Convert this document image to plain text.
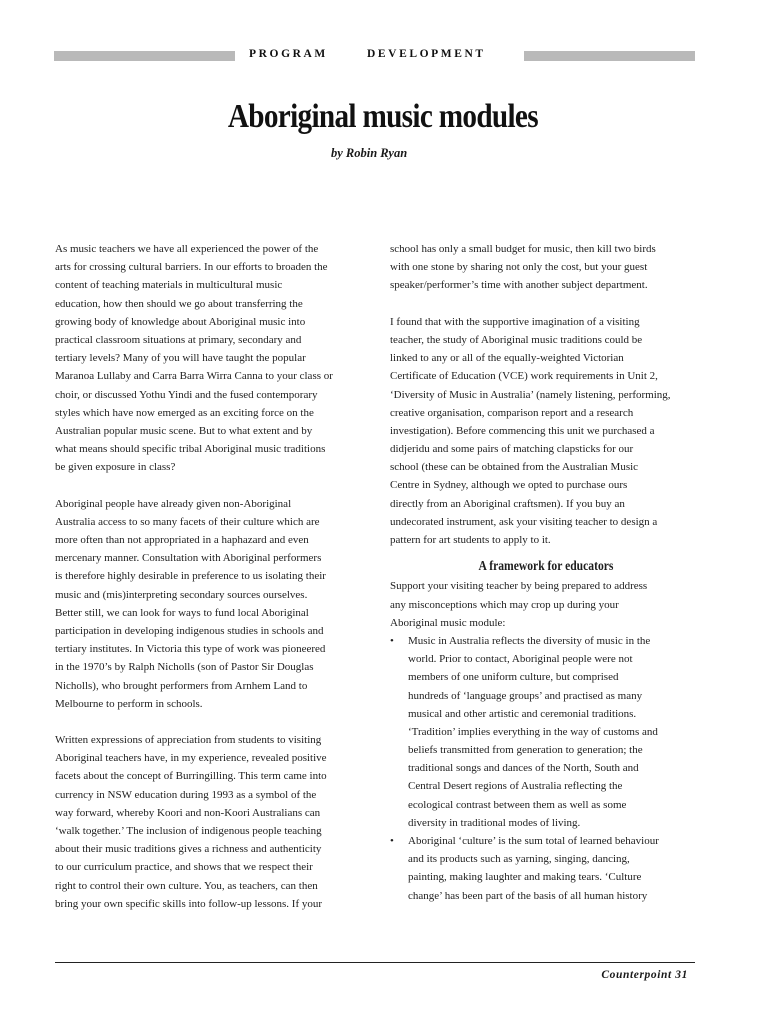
PROGRAM	DEVELOPMENT
Aboriginal music modules
by Robin Ryan
As music teachers we have all experienced the power of the
arts for crossing cultural barriers. In our efforts to broaden the
content of teaching materials in multicultural music
education, how then should we go about transferring the
growing body of knowledge about Aboriginal music into
practical classroom situations at primary, secondary and
tertiary levels? Many of you will have taught the popular
Maranoa Lullaby and Carra Barra Wirra Canna to your class or
choir, or discussed Yothu Yindi and the fused contemporary
styles which have now emerged as an exciting force on the
Australian popular music scene. But to what extent and by
what means should specific tribal Aboriginal music traditions
be given exposure in class?
Aboriginal people have already given non-Aboriginal
Australia access to so many facets of their culture which are
more often than not appropriated in a haphazard and even
mercenary manner. Consultation with Aboriginal performers
is therefore highly desirable in preference to us isolating their
music and (mis)interpreting secondary sources ourselves.
Better still, we can look for ways to fund local Aboriginal
participation in developing indigenous studies in schools and
tertiary institutes. In Victoria this type of work was pioneered
in the 1970’s by Ralph Nicholls (son of Pastor Sir Douglas
Nicholls), who brought performers from Arnhem Land to
Melbourne to perform in schools.
Written expressions of appreciation from students to visiting
Aboriginal teachers have, in my experience, revealed positive
facets about the concept of Burringilling. This term came into
currency in NSW education during 1993 as a symbol of the
way forward, whereby Koori and non-Koori Australians can
‘walk together.’ The inclusion of indigenous people teaching
about their music traditions gives a richness and authenticity
to our curriculum practice, and shows that we respect their
right to control their own culture. You, as teachers, can then
bring your own specific skills into follow-up lessons. If your
school has only a small budget for music, then kill two birds
with one stone by sharing not only the cost, but your guest
speaker/performer’s time with another subject department.
I found that with the supportive imagination of a visiting
teacher, the study of Aboriginal music traditions could be
linked to any or all of the equally-weighted Victorian
Certificate of Education (VCE) work requirements in Unit 2,
‘Diversity of Music in Australia’ (namely listening, performing,
creative organisation, comparison report and a research
investigation). Before commencing this unit we purchased a
didjeridu and some pairs of matching clapsticks for our
school (these can be obtained from the Australian Music
Centre in Sydney, although we opted to purchase ours
directly from an Aboriginal craftsmen). If you buy an
undecorated instrument, ask your visiting teacher to design a
pattern for art students to apply to it.
A framework for educators
Support your visiting teacher by being prepared to address
any misconceptions which may crop up during your
Aboriginal music module:
• Music in Australia reflects the diversity of music in the
world. Prior to contact, Aboriginal people were not
members of one uniform culture, but comprised
hundreds of ‘language groups’ and practised as many
musical and other artistic and ceremonial traditions.
‘Tradition’ implies everything in the way of customs and
beliefs transmitted from generation to generation; the
traditional songs and dances of the North, South and
Central Desert regions of Australia reflecting the
ecological contrast between them as well as some
diversity in traditional modes of living.
• Aboriginal ‘culture’ is the sum total of learned behaviour
and its products such as yarning, singing, dancing,
painting, making laughter and making tears. ‘Culture
change’ has been part of the basis of all human history
Counterpoint 31
